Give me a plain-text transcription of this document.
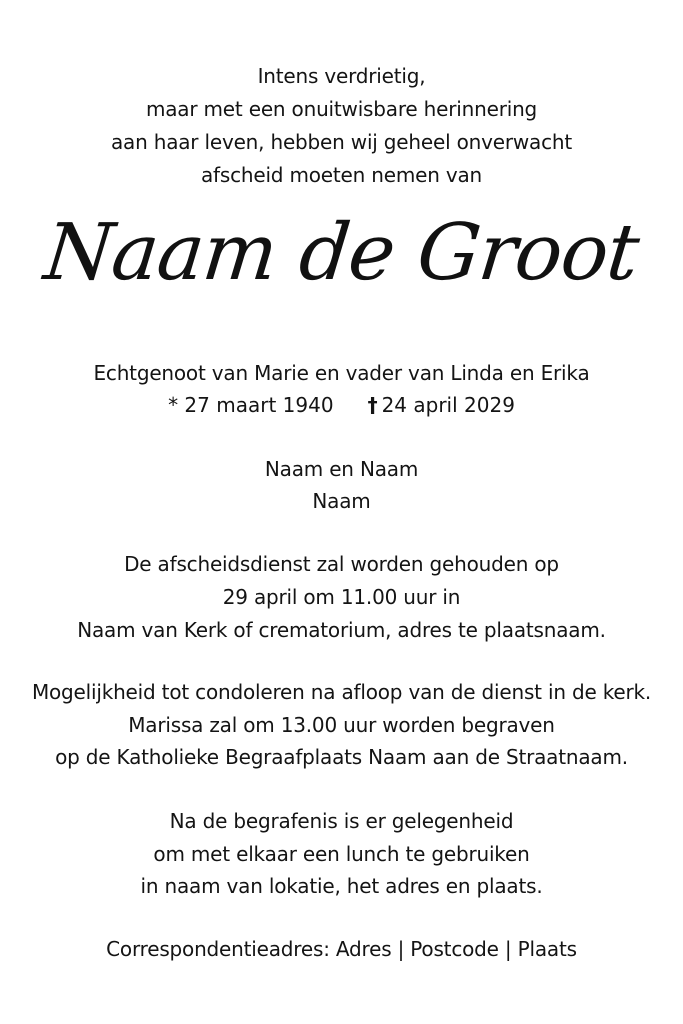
Intens verdrietig,
maar met een onuitwisbare herinnering
aan haar leven, hebben wij geheel onverwacht
afscheid moeten nemen van
Naam de Groot
Echtgenoot van Marie en vader van Linda en Erika
* 27 maart 1940 † 24 april 2029
Naam en Naam
Naam
De afscheidsdienst zal worden gehouden op
29 april om 11.00 uur in
Naam van Kerk of crematorium, adres te plaatsnaam.
Mogelijkheid tot condoleren na afloop van de dienst in de kerk.
Marissa zal om 13.00 uur worden begraven
op de Katholieke Begraafplaats Naam aan de Straatnaam.
Na de begrafenis is er gelegenheid
om met elkaar een lunch te gebruiken
in naam van lokatie, het adres en plaats.
Correspondentieadres: Adres | Postcode | Plaats
